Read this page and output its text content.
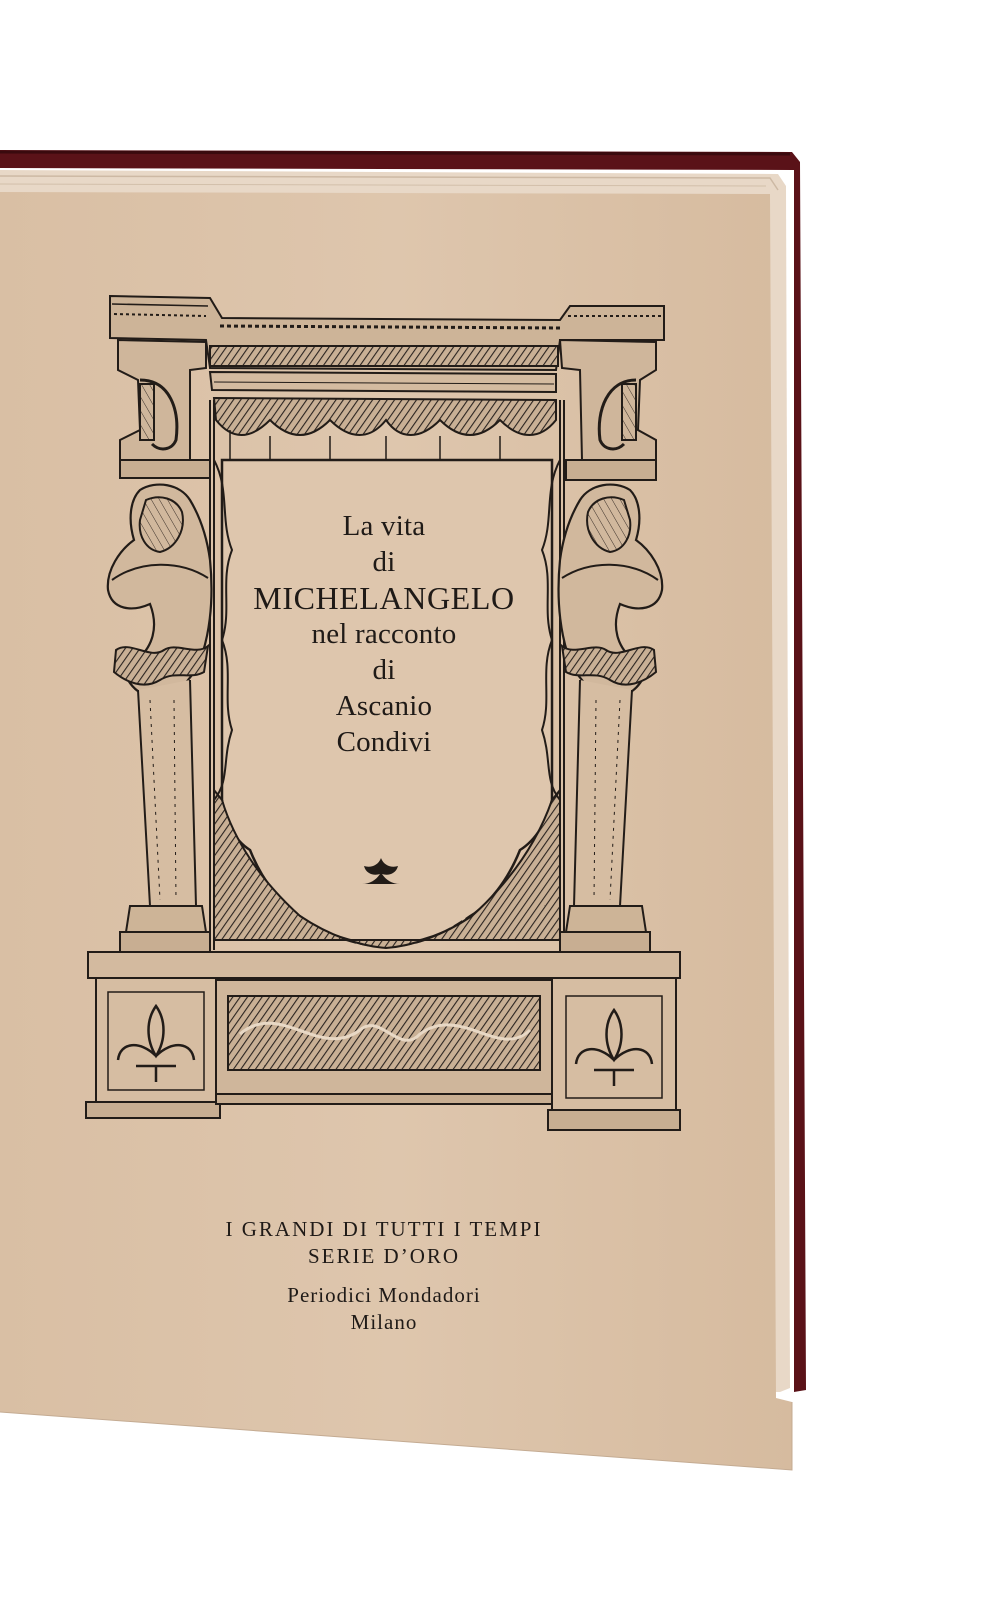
La vita
di
MICHELANGELO
nel racconto
di
Ascanio
Condivi
I GRANDI DI TUTTI I TEMPI
SERIE D’ORO
Periodici Mondadori
Milano
